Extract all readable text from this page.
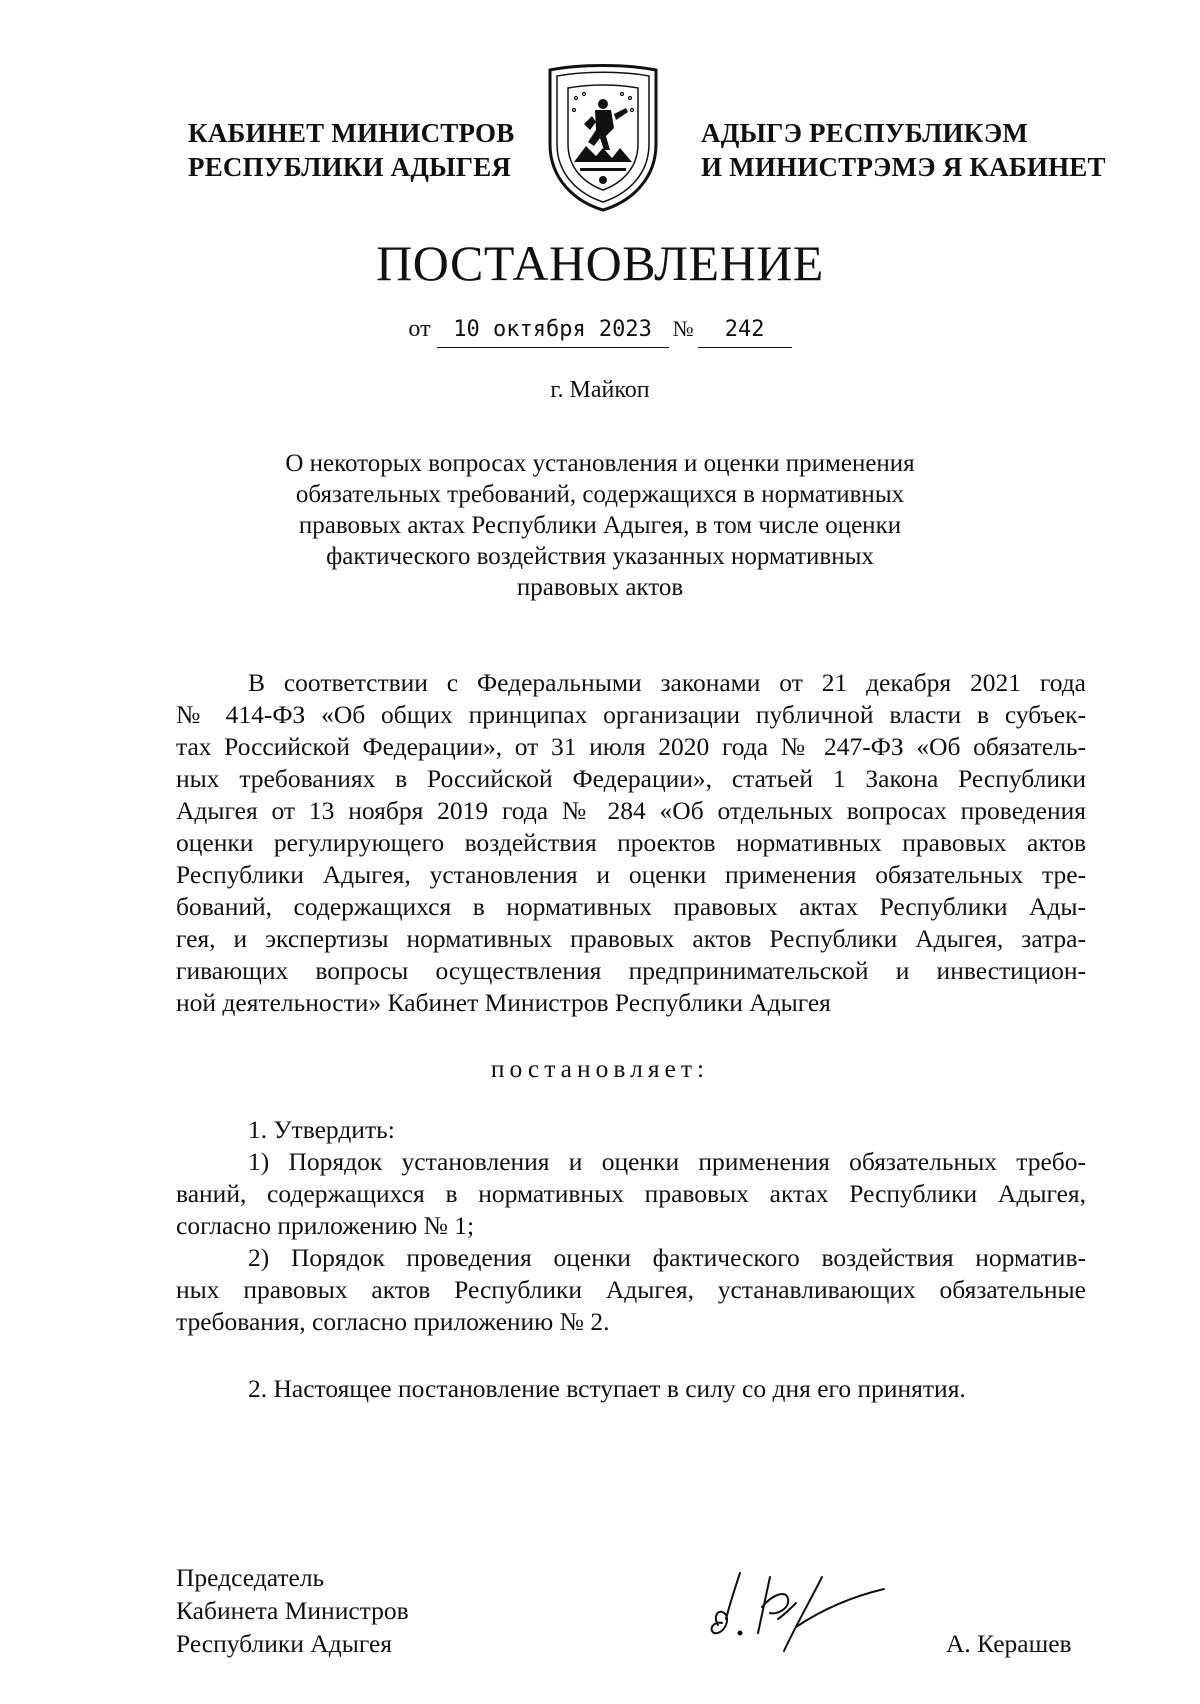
КАБИНЕТ МИНИСТРОВ
РЕСПУБЛИКИ АДЫГЕЯ
АДЫГЭ РЕСПУБЛИКЭМ
И МИНИСТРЭМЭ Я КАБИНЕТ
ПОСТАНОВЛЕНИЕ
от 10 октября 2023 № 242
г. Майкоп
О некоторых вопросах установления и оценки применения
обязательных требований, содержащихся в нормативных
правовых актах Республики Адыгея, в том числе оценки
фактического воздействия указанных нормативных
правовых актов
В соответствии с Федеральными законами от 21 декабря 2021 года
№ 414-ФЗ «Об общих принципах организации публичной власти в субъек-
тах Российской Федерации», от 31 июля 2020 года № 247-ФЗ «Об обязатель-
ных требованиях в Российской Федерации», статьей 1 Закона Республики
Адыгея от 13 ноября 2019 года № 284 «Об отдельных вопросах проведения
оценки регулирующего воздействия проектов нормативных правовых актов
Республики Адыгея, установления и оценки применения обязательных тре-
бований, содержащихся в нормативных правовых актах Республики Ады-
гея, и экспертизы нормативных правовых актов Республики Адыгея, затра-
гивающих вопросы осуществления предпринимательской и инвестицион-
ной деятельности» Кабинет Министров Республики Адыгея
постановляет:
1. Утвердить:
1) Порядок установления и оценки применения обязательных требо-
ваний, содержащихся в нормативных правовых актах Республики Адыгея,
согласно приложению № 1;
2) Порядок проведения оценки фактического воздействия норматив-
ных правовых актов Республики Адыгея, устанавливающих обязательные
требования, согласно приложению № 2.
2. Настоящее постановление вступает в силу со дня его принятия.
Председатель
Кабинета Министров
Республики Адыгея	А. Керашев
